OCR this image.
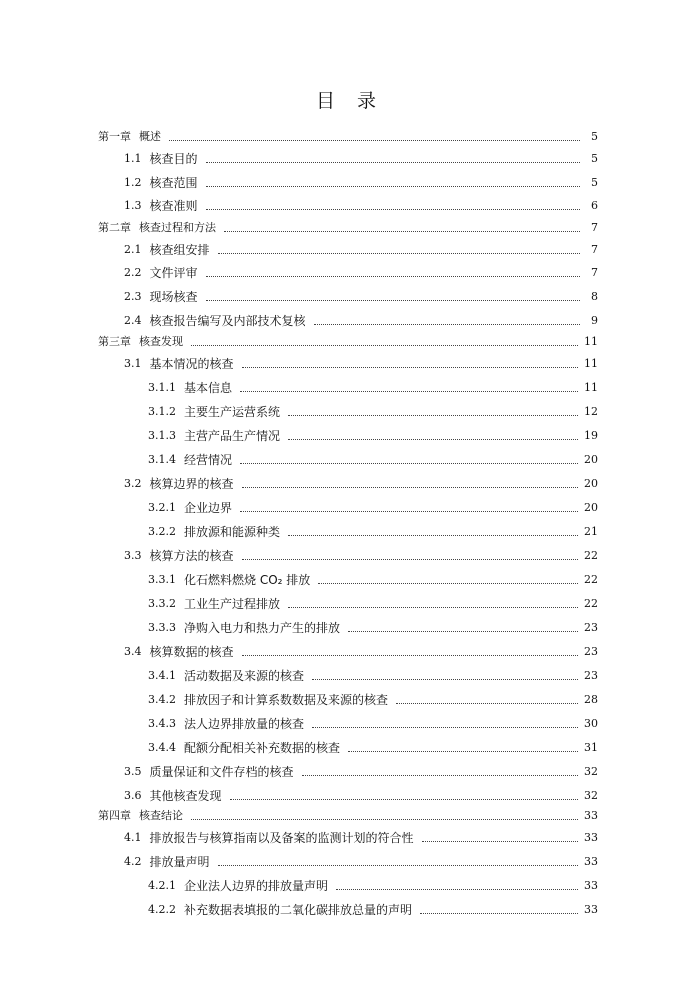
目 录
第一章 概述	5
1.1 核查目的	5
1.2 核查范围	5
1.3 核查准则	6
第二章 核查过程和方法	7
2.1 核查组安排	7
2.2 文件评审	7
2.3 现场核查	8
2.4 核查报告编写及内部技术复核	9
第三章 核查发现	11
3.1 基本情况的核查	11
3.1.1 基本信息	11
3.1.2 主要生产运营系统	12
3.1.3 主营产品生产情况	19
3.1.4 经营情况	20
3.2 核算边界的核查	20
3.2.1 企业边界	20
3.2.2 排放源和能源种类	21
3.3 核算方法的核查	22
3.3.1 化石燃料燃烧 CO₂ 排放	22
3.3.2 工业生产过程排放	22
3.3.3 净购入电力和热力产生的排放	23
3.4 核算数据的核查	23
3.4.1 活动数据及来源的核查	23
3.4.2 排放因子和计算系数数据及来源的核查	28
3.4.3 法人边界排放量的核查	30
3.4.4 配额分配相关补充数据的核查	31
3.5 质量保证和文件存档的核查	32
3.6 其他核查发现	32
第四章 核查结论	33
4.1 排放报告与核算指南以及备案的监测计划的符合性	33
4.2 排放量声明	33
4.2.1 企业法人边界的排放量声明	33
4.2.2 补充数据表填报的二氧化碳排放总量的声明	33
